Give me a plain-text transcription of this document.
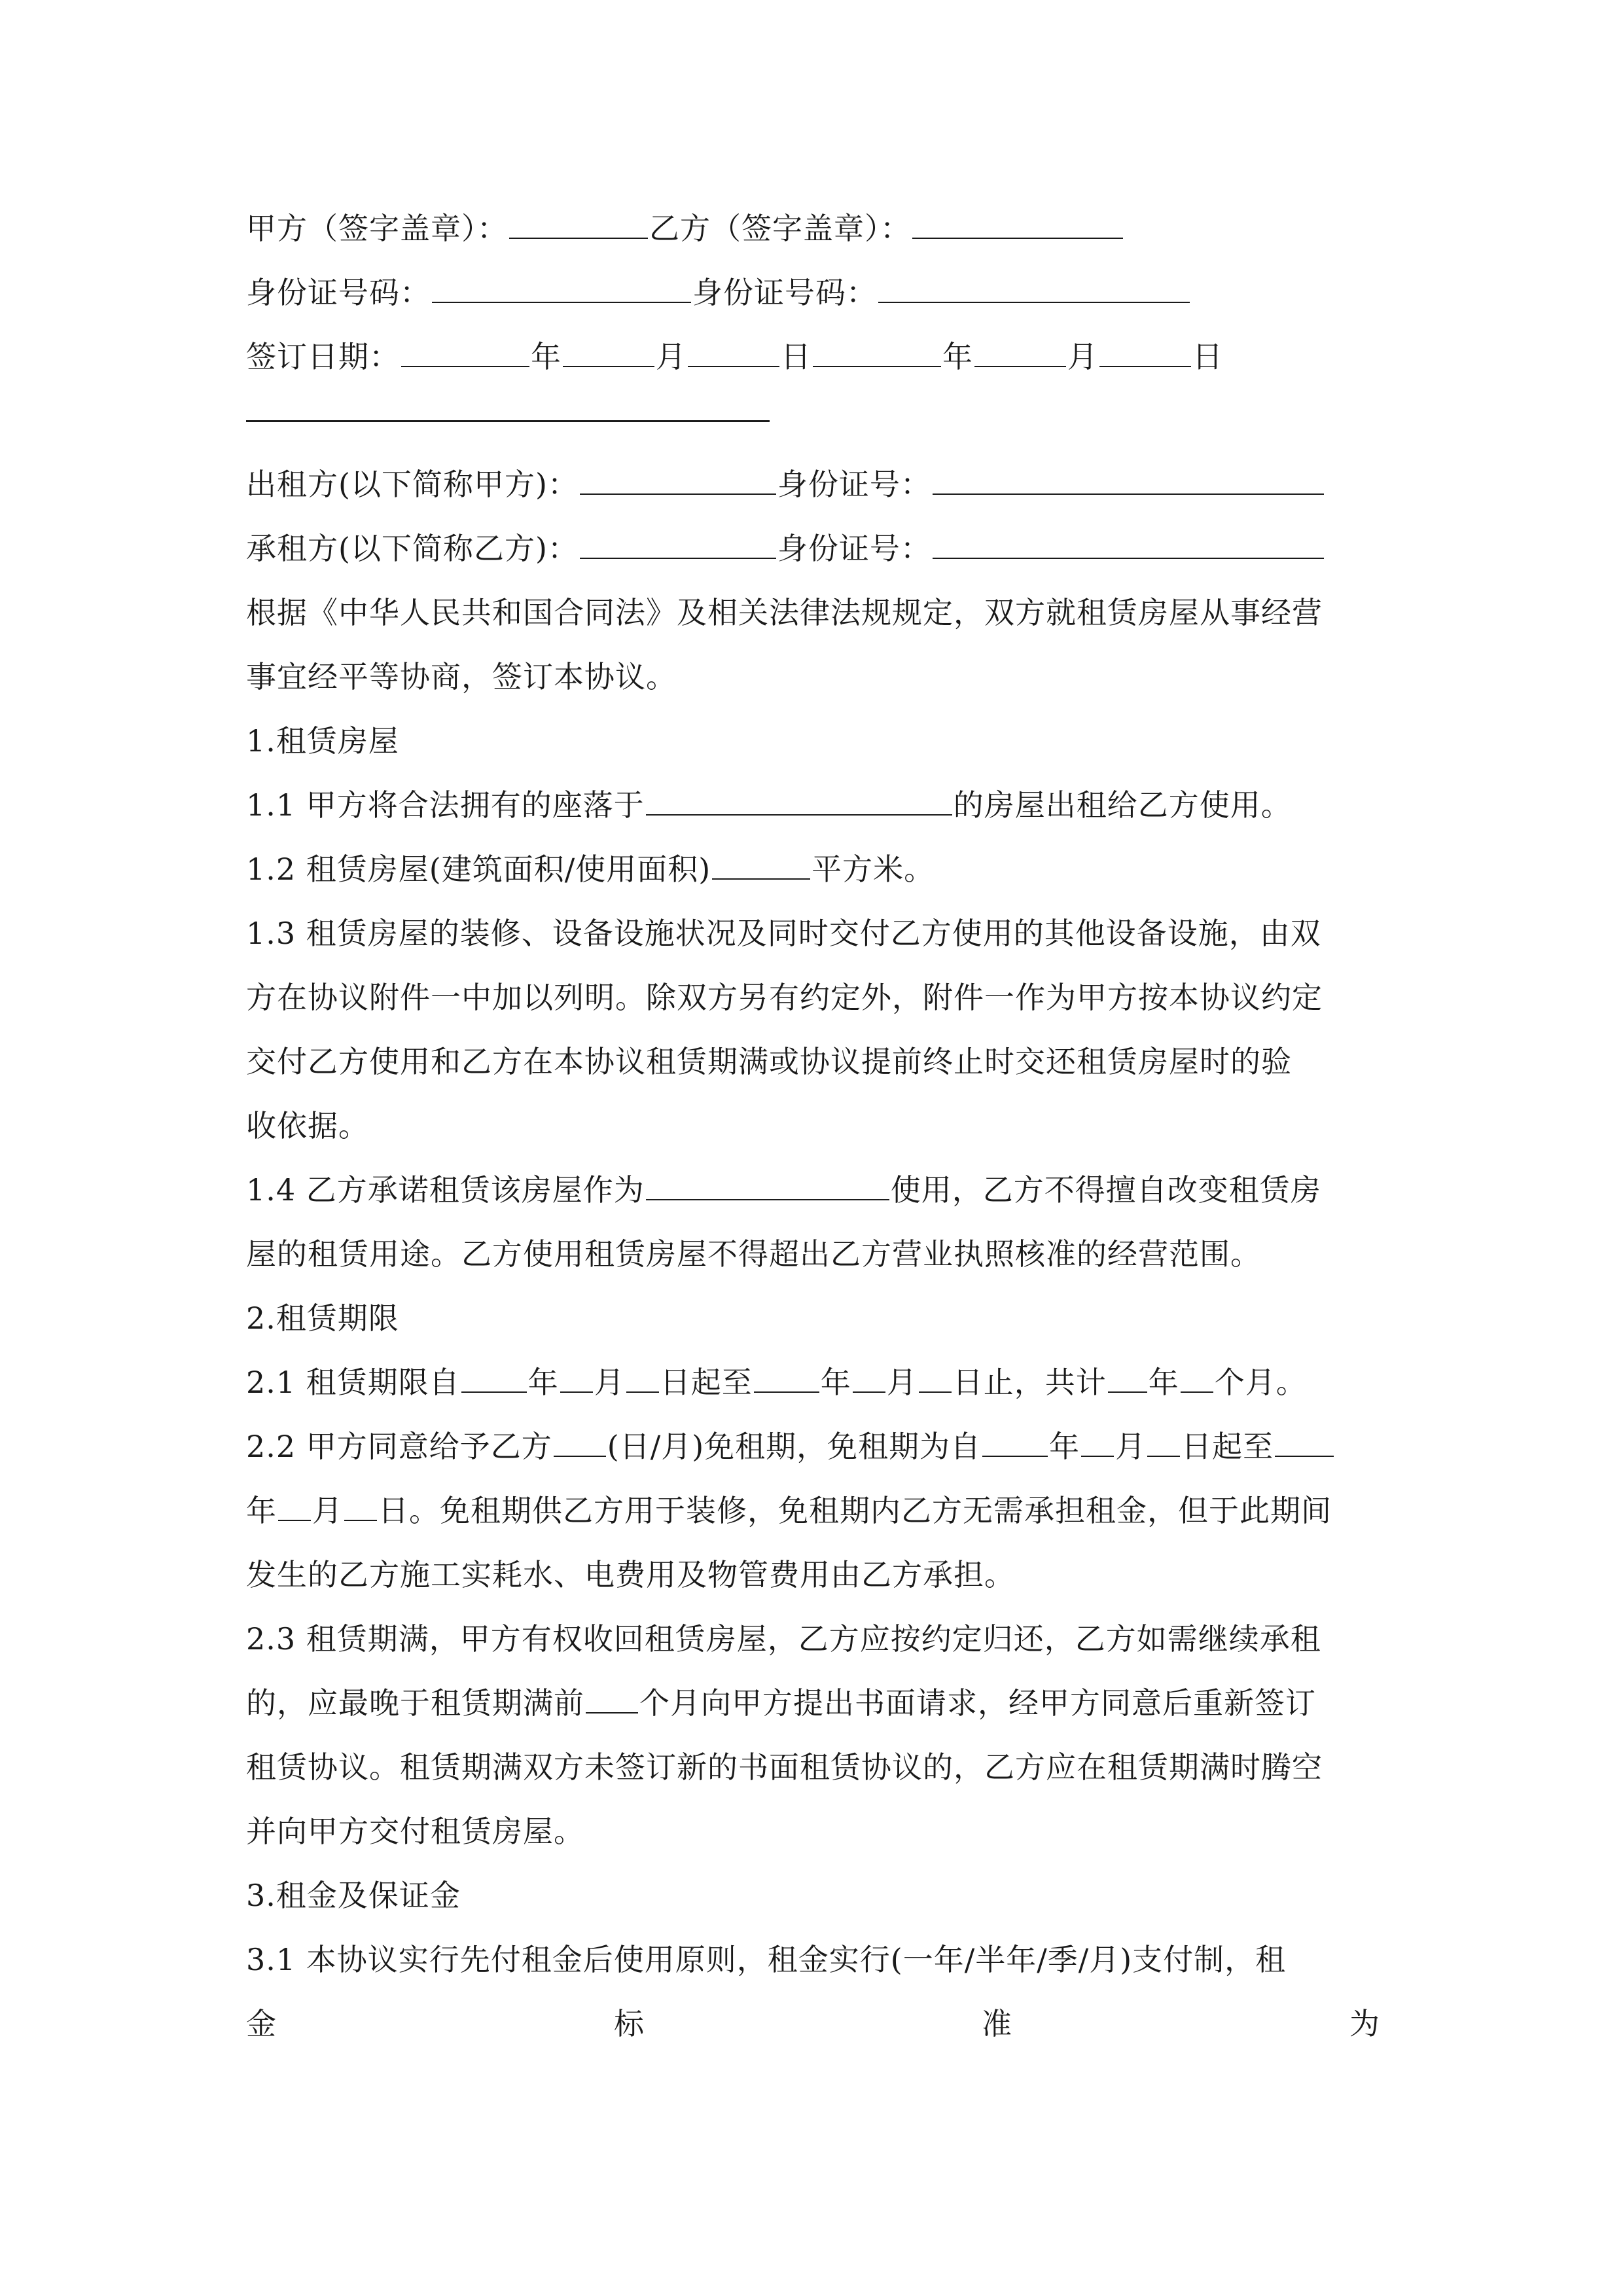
甲方（签字盖章）：	乙方（签字盖章）：
身份证号码：	身份证号码：
签订日期：	年	月	日	年	月	日
出租方(以下简称甲方)：	身份证号：
承租方(以下简称乙方)：	身份证号：
根据《中华人民共和国合同法》及相关法律法规规定，双方就租赁房屋从事经营
事宜经平等协商，签订本协议。
1.租赁房屋
1.1 甲方将合法拥有的座落于	的房屋出租给乙方使用。
1.2 租赁房屋(建筑面积/使用面积)	平方米。
1.3 租赁房屋的装修、设备设施状况及同时交付乙方使用的其他设备设施，由双
方在协议附件一中加以列明。除双方另有约定外，附件一作为甲方按本协议约定
交付乙方使用和乙方在本协议租赁期满或协议提前终止时交还租赁房屋时的验
收依据。
1.4 乙方承诺租赁该房屋作为	使用，乙方不得擅自改变租赁房
屋的租赁用途。乙方使用租赁房屋不得超出乙方营业执照核准的经营范围。
2.租赁期限
2.1 租赁期限自 年 月 日起至 年 月 日止，共计 年 个月。
2.2 甲方同意给予乙方 (日/月)免租期，免租期为自 年 月 日起至
年 月 日。免租期供乙方用于装修，免租期内乙方无需承担租金，但于此期间
发生的乙方施工实耗水、电费用及物管费用由乙方承担。
2.3 租赁期满，甲方有权收回租赁房屋，乙方应按约定归还，乙方如需继续承租
的，应最晚于租赁期满前 个月向甲方提出书面请求，经甲方同意后重新签订
租赁协议。租赁期满双方未签订新的书面租赁协议的，乙方应在租赁期满时腾空
并向甲方交付租赁房屋。
3.租金及保证金
3.1 本协议实行先付租金后使用原则，租金实行(一年/半年/季/月)支付制，租
金	标	准	为
